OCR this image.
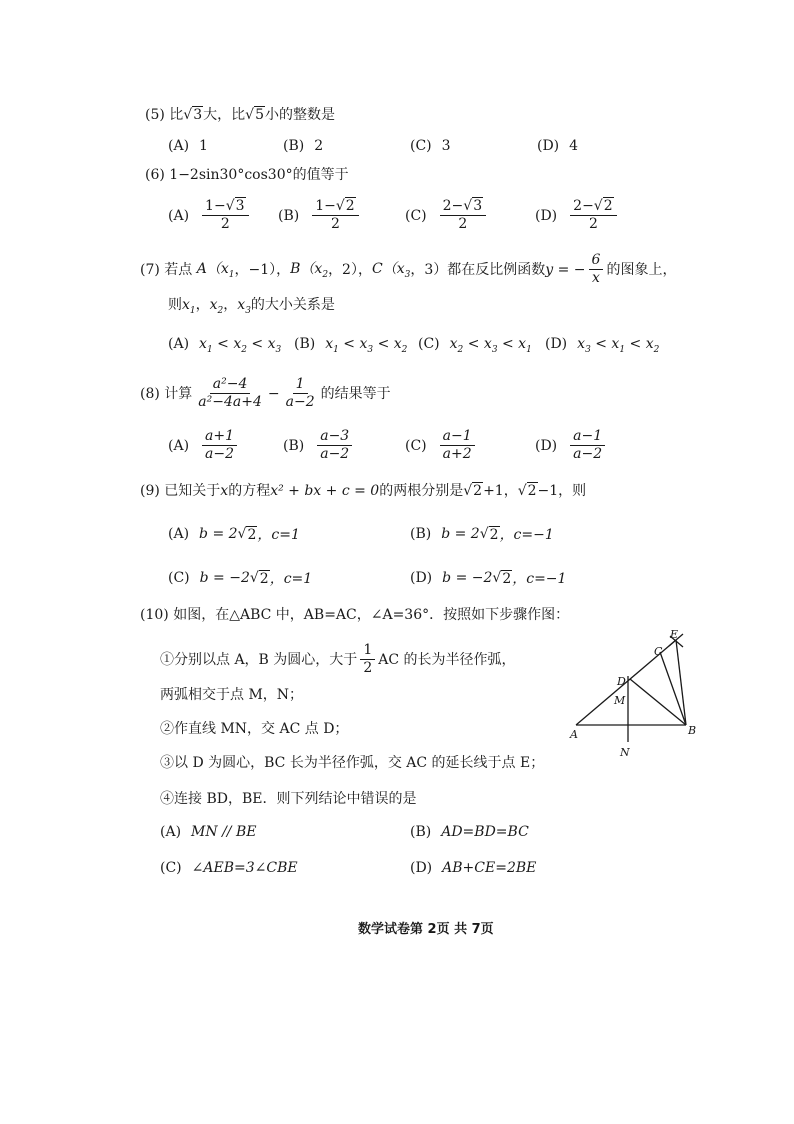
(5) 比√3大，比√5小的整数是
(A) 1	(B) 2	(C) 3	(D) 4
(6) 1−2sin30°cos30°的值等于
$(A) \frac{1-√3}{2} (B) \frac{1-√2}{2}$	$(C) \frac{2-√3}{2}$	$(D) \frac{2-√2}{2}$
(7)
若点
$A(x_1$ ，−1）， $B(x_2$ ，2）， $C(x_3$ ，3） 都在反比例函数 y = − $\frac{6}{x}$ 的图象上，
则$x_1$，$x_2$，$x_3$的大小关系是
(A) $x_1 < x_2 < x_3$ (B) $x_1 < x_3 < x_2$ (C) $x_2 < x_3 < x_1$ (D) $x_3 < x_1 < x_2$
(8)
计算 $\frac{\text{a²−4}}{\text{a²−4a+4}} - \frac{1}{a-2}$ 的结果等于
$(A) \frac{a+1}{a-2}$	$(B) \frac{a-3}{a-2}$	$(C) \frac{a-1}{a+2}$	$(D) \frac{a-1}{a-2}$
(9) 已知关于x的方程x² + bx + c = 0的两根分别是√2+1，√2−1，则
(A) b = 2 √ 2 ，c=1	(B) b = 2 √ 2 ，c=−1
(C) b = −2 √ 2 ，c=1	(D) b = −2 √ 2 ，c=−1
(10) 如图，在△ABC 中，AB=AC，∠A=36°．按照如下步骤作图：
①分别以点 A，B 为圆心，大于 $\frac{1}{2}$ AC 的长为半径作弧，
两弧相交于点 M，N；
②作直线 MN，交 AC 点 D；
③以 D 为圆心，BC 长为半径作弧，交 AC 的延长线于点 E；
④连接 BD，BE．则下列结论中错误的是
(A) MN // BE	(B) AD=BD=BC
(C) ∠AEB=3∠CBE	(D) AB+CE=2BE
E
C
D
M
A	B
N
数学试卷第 2页 共 7页
